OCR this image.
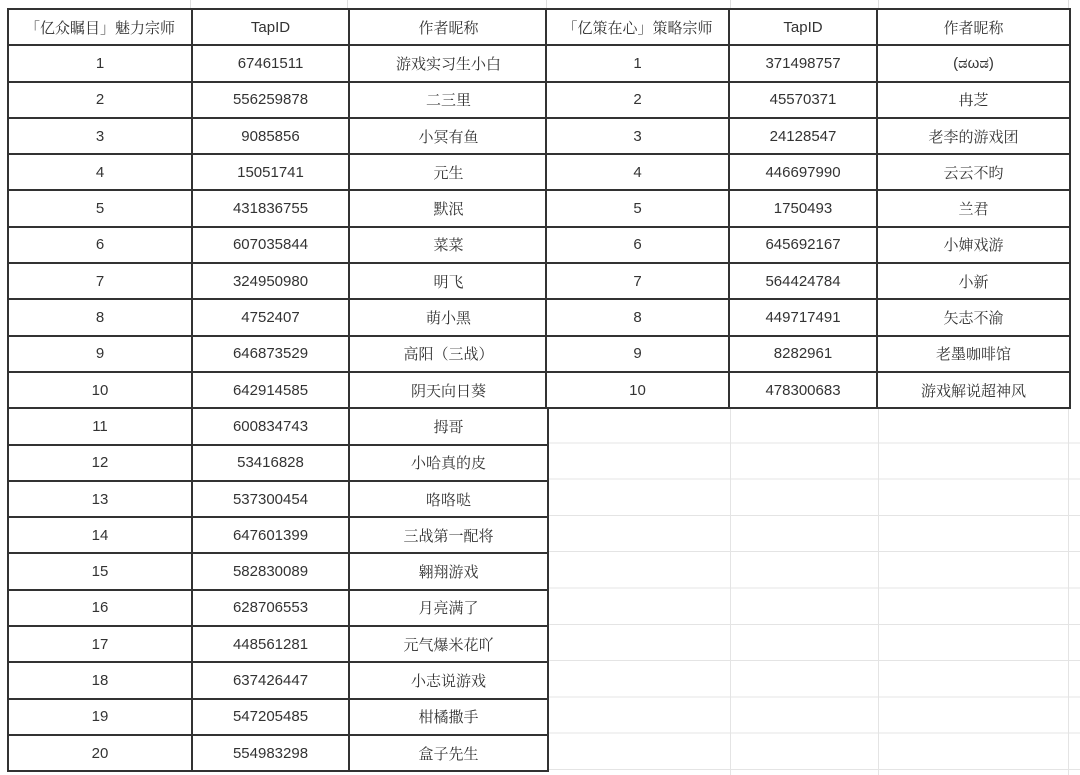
「亿众瞩目」魅力宗师	TapID	作者昵称
1	67461511	游戏实习生小白
2	556259878	二三里
3	9085856	小冥有鱼
4	15051741	元生
5	431836755	默泯
6	607035844	菜菜
7	324950980	明飞
8	4752407	萌小黑
9	646873529	高阳（三战）
10	642914585	阴天向日葵
11	600834743	拇哥
12	53416828	小哈真的皮
13	537300454	咯咯哒
14	647601399	三战第一配将
15	582830089	翱翔游戏
16	628706553	月亮满了
17	448561281	元气爆米花吖
18	637426447	小志说游戏
19	547205485	柑橘撒手
20	554983298	盒子先生
「亿策在心」策略宗师	TapID	作者昵称
1	371498757	(ಡωಡ)
2	45570371	冉芝
3	24128547	老李的游戏团
4	446697990	云云不昀
5	1750493	兰君
6	645692167	小婶戏游
7	564424784	小新
8	449717491	矢志不渝
9	8282961	老墨咖啡馆
10	478300683	游戏解说超神风
